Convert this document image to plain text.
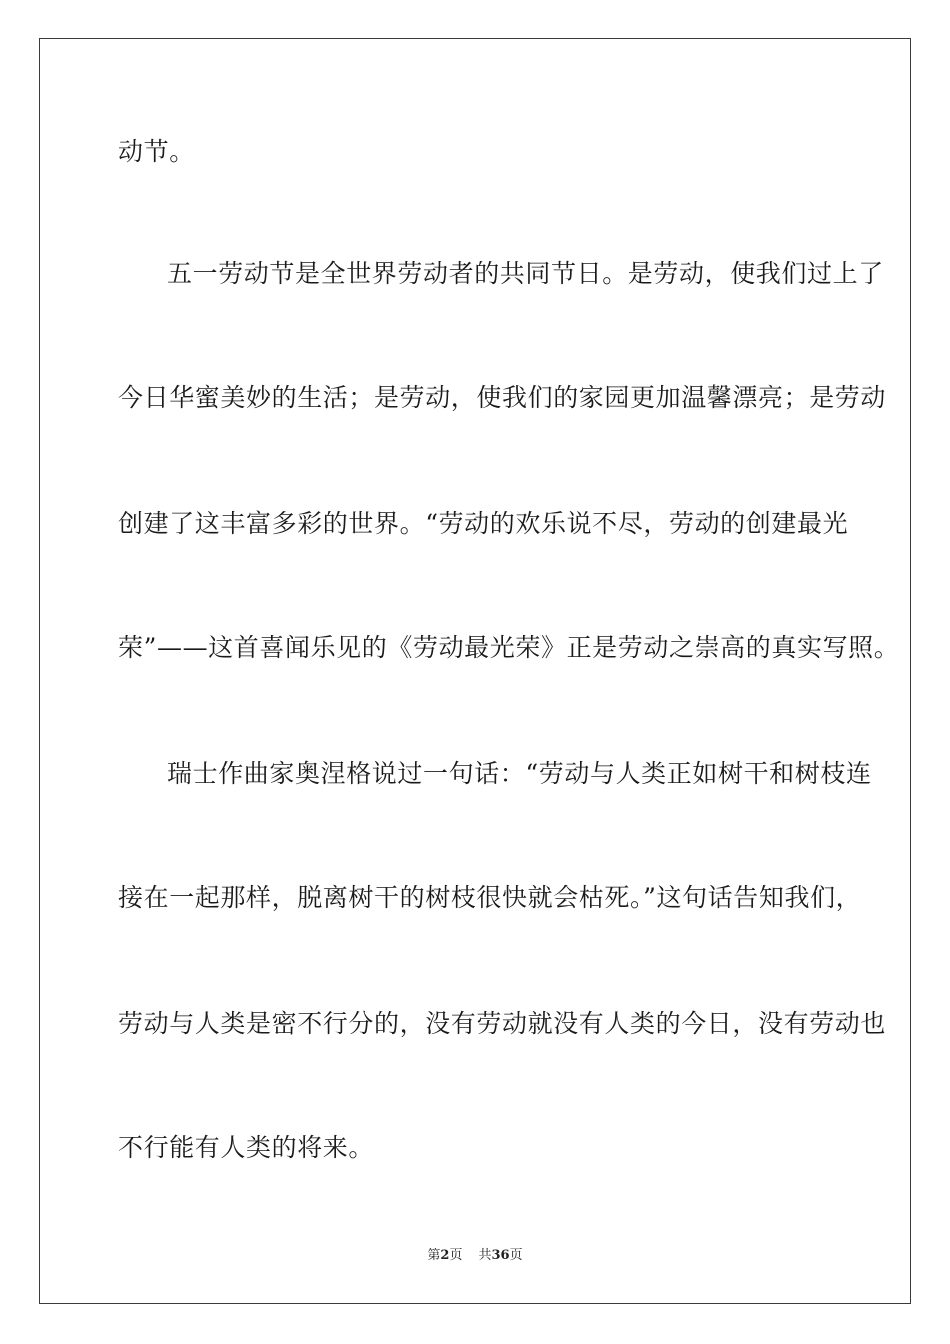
动节。
五一劳动节是全世界劳动者的共同节日。是劳动，使我们过上了
今日华蜜美妙的生活；是劳动，使我们的家园更加温馨漂亮；是劳动
创建了这丰富多彩的世界。“劳动的欢乐说不尽，劳动的创建最光
荣”——这首喜闻乐见的《劳动最光荣》正是劳动之崇高的真实写照。
瑞士作曲家奥涅格说过一句话：“劳动与人类正如树干和树枝连
接在一起那样，脱离树干的树枝很快就会枯死。”这句话告知我们，
劳动与人类是密不行分的，没有劳动就没有人类的今日，没有劳动也
不行能有人类的将来。
第2页 共36页
